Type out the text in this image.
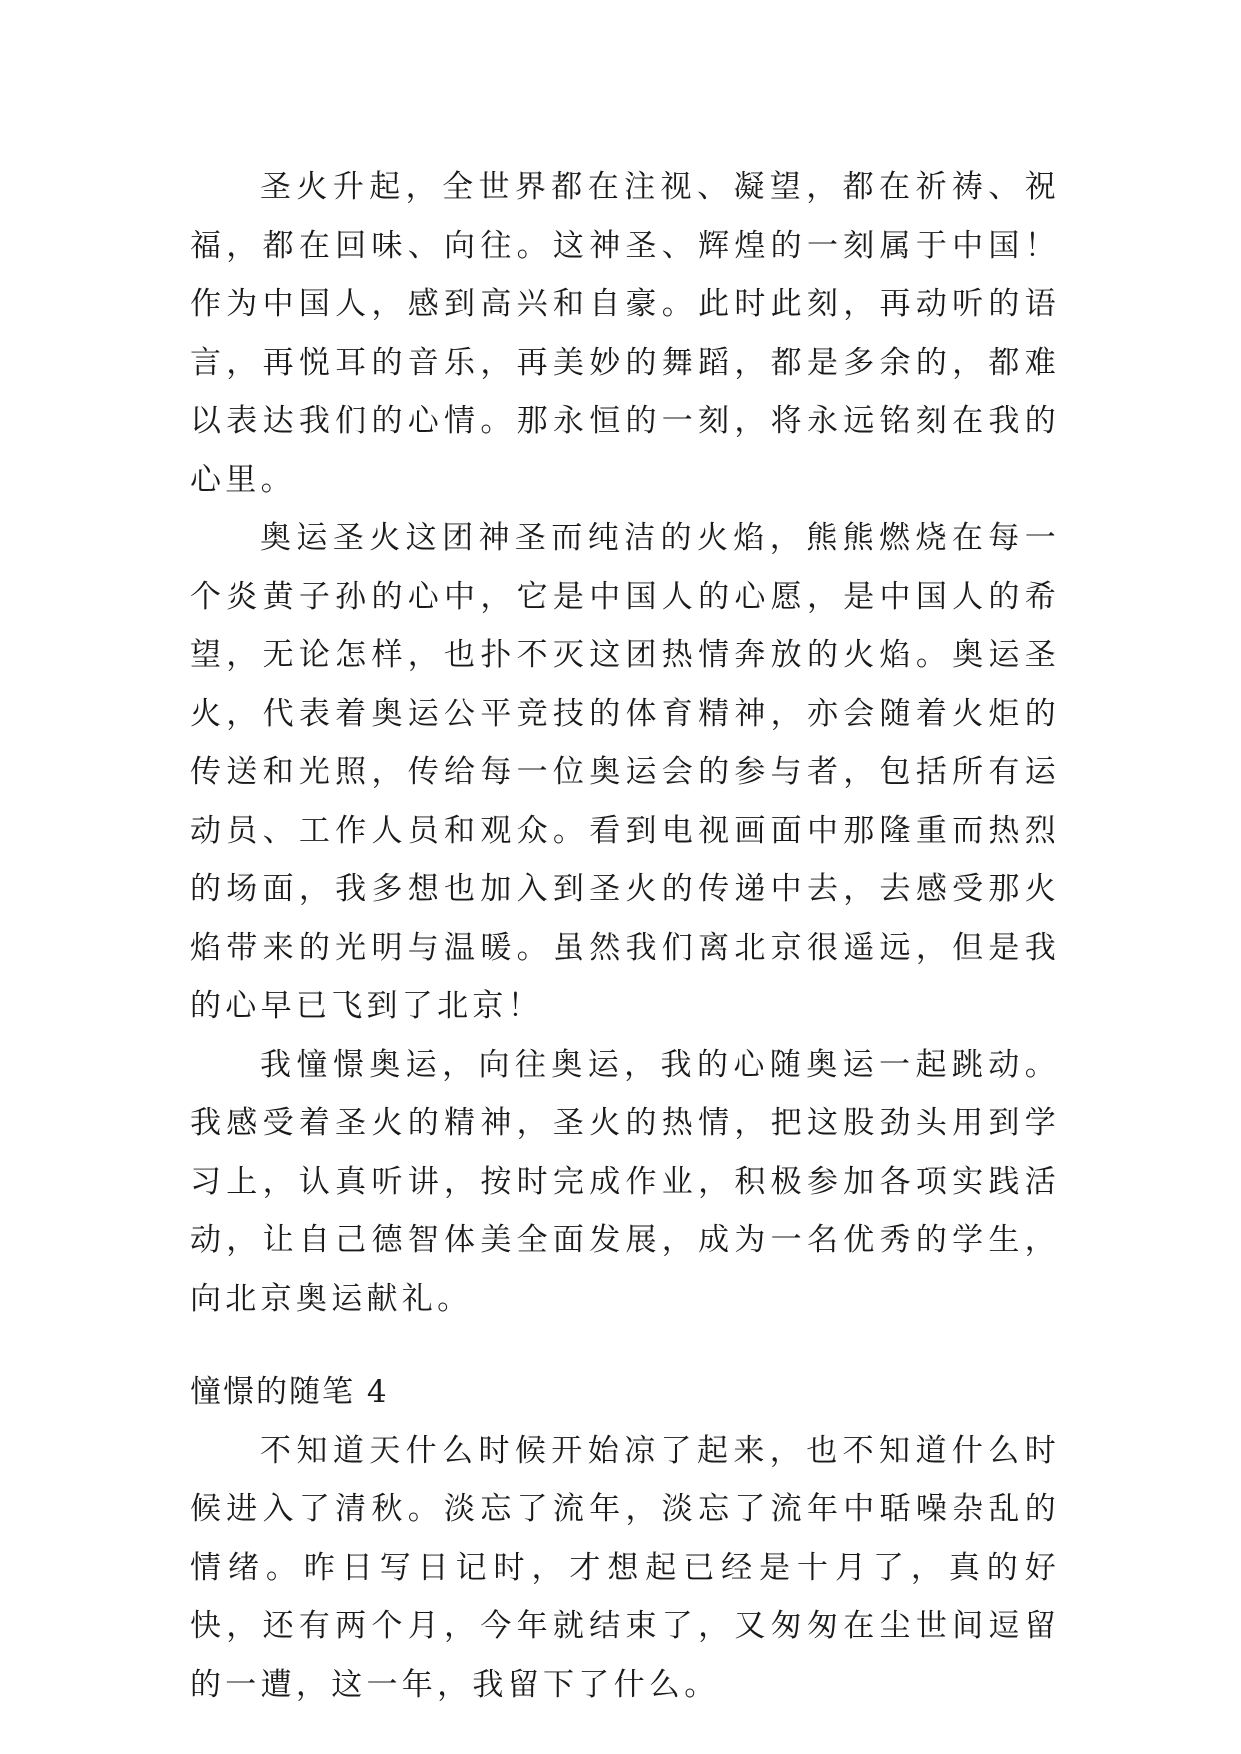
圣火升起，全世界都在注视、凝望，都在祈祷、祝福，都在回味、向往。这神圣、辉煌的一刻属于中国！作为中国人，感到高兴和自豪。此时此刻，再动听的语言，再悦耳的音乐，再美妙的舞蹈，都是多余的，都难以表达我们的心情。那永恒的一刻，将永远铭刻在我的心里。

奥运圣火这团神圣而纯洁的火焰，熊熊燃烧在每一个炎黄子孙的心中，它是中国人的心愿，是中国人的希望，无论怎样，也扑不灭这团热情奔放的火焰。奥运圣火，代表着奥运公平竞技的体育精神，亦会随着火炬的传送和光照，传给每一位奥运会的参与者，包括所有运动员、工作人员和观众。看到电视画面中那隆重而热烈的场面，我多想也加入到圣火的传递中去，去感受那火焰带来的光明与温暖。虽然我们离北京很遥远，但是我的心早已飞到了北京！

我憧憬奥运，向往奥运，我的心随奥运一起跳动。我感受着圣火的精神，圣火的热情，把这股劲头用到学习上，认真听讲，按时完成作业，积极参加各项实践活动，让自己德智体美全面发展，成为一名优秀的学生，向北京奥运献礼。

憧憬的随笔 4

不知道天什么时候开始凉了起来，也不知道什么时候进入了清秋。淡忘了流年，淡忘了流年中聒噪杂乱的情绪。昨日写日记时，才想起已经是十月了，真的好快，还有两个月，今年就结束了，又匆匆在尘世间逗留的一遭，这一年，我留下了什么。
